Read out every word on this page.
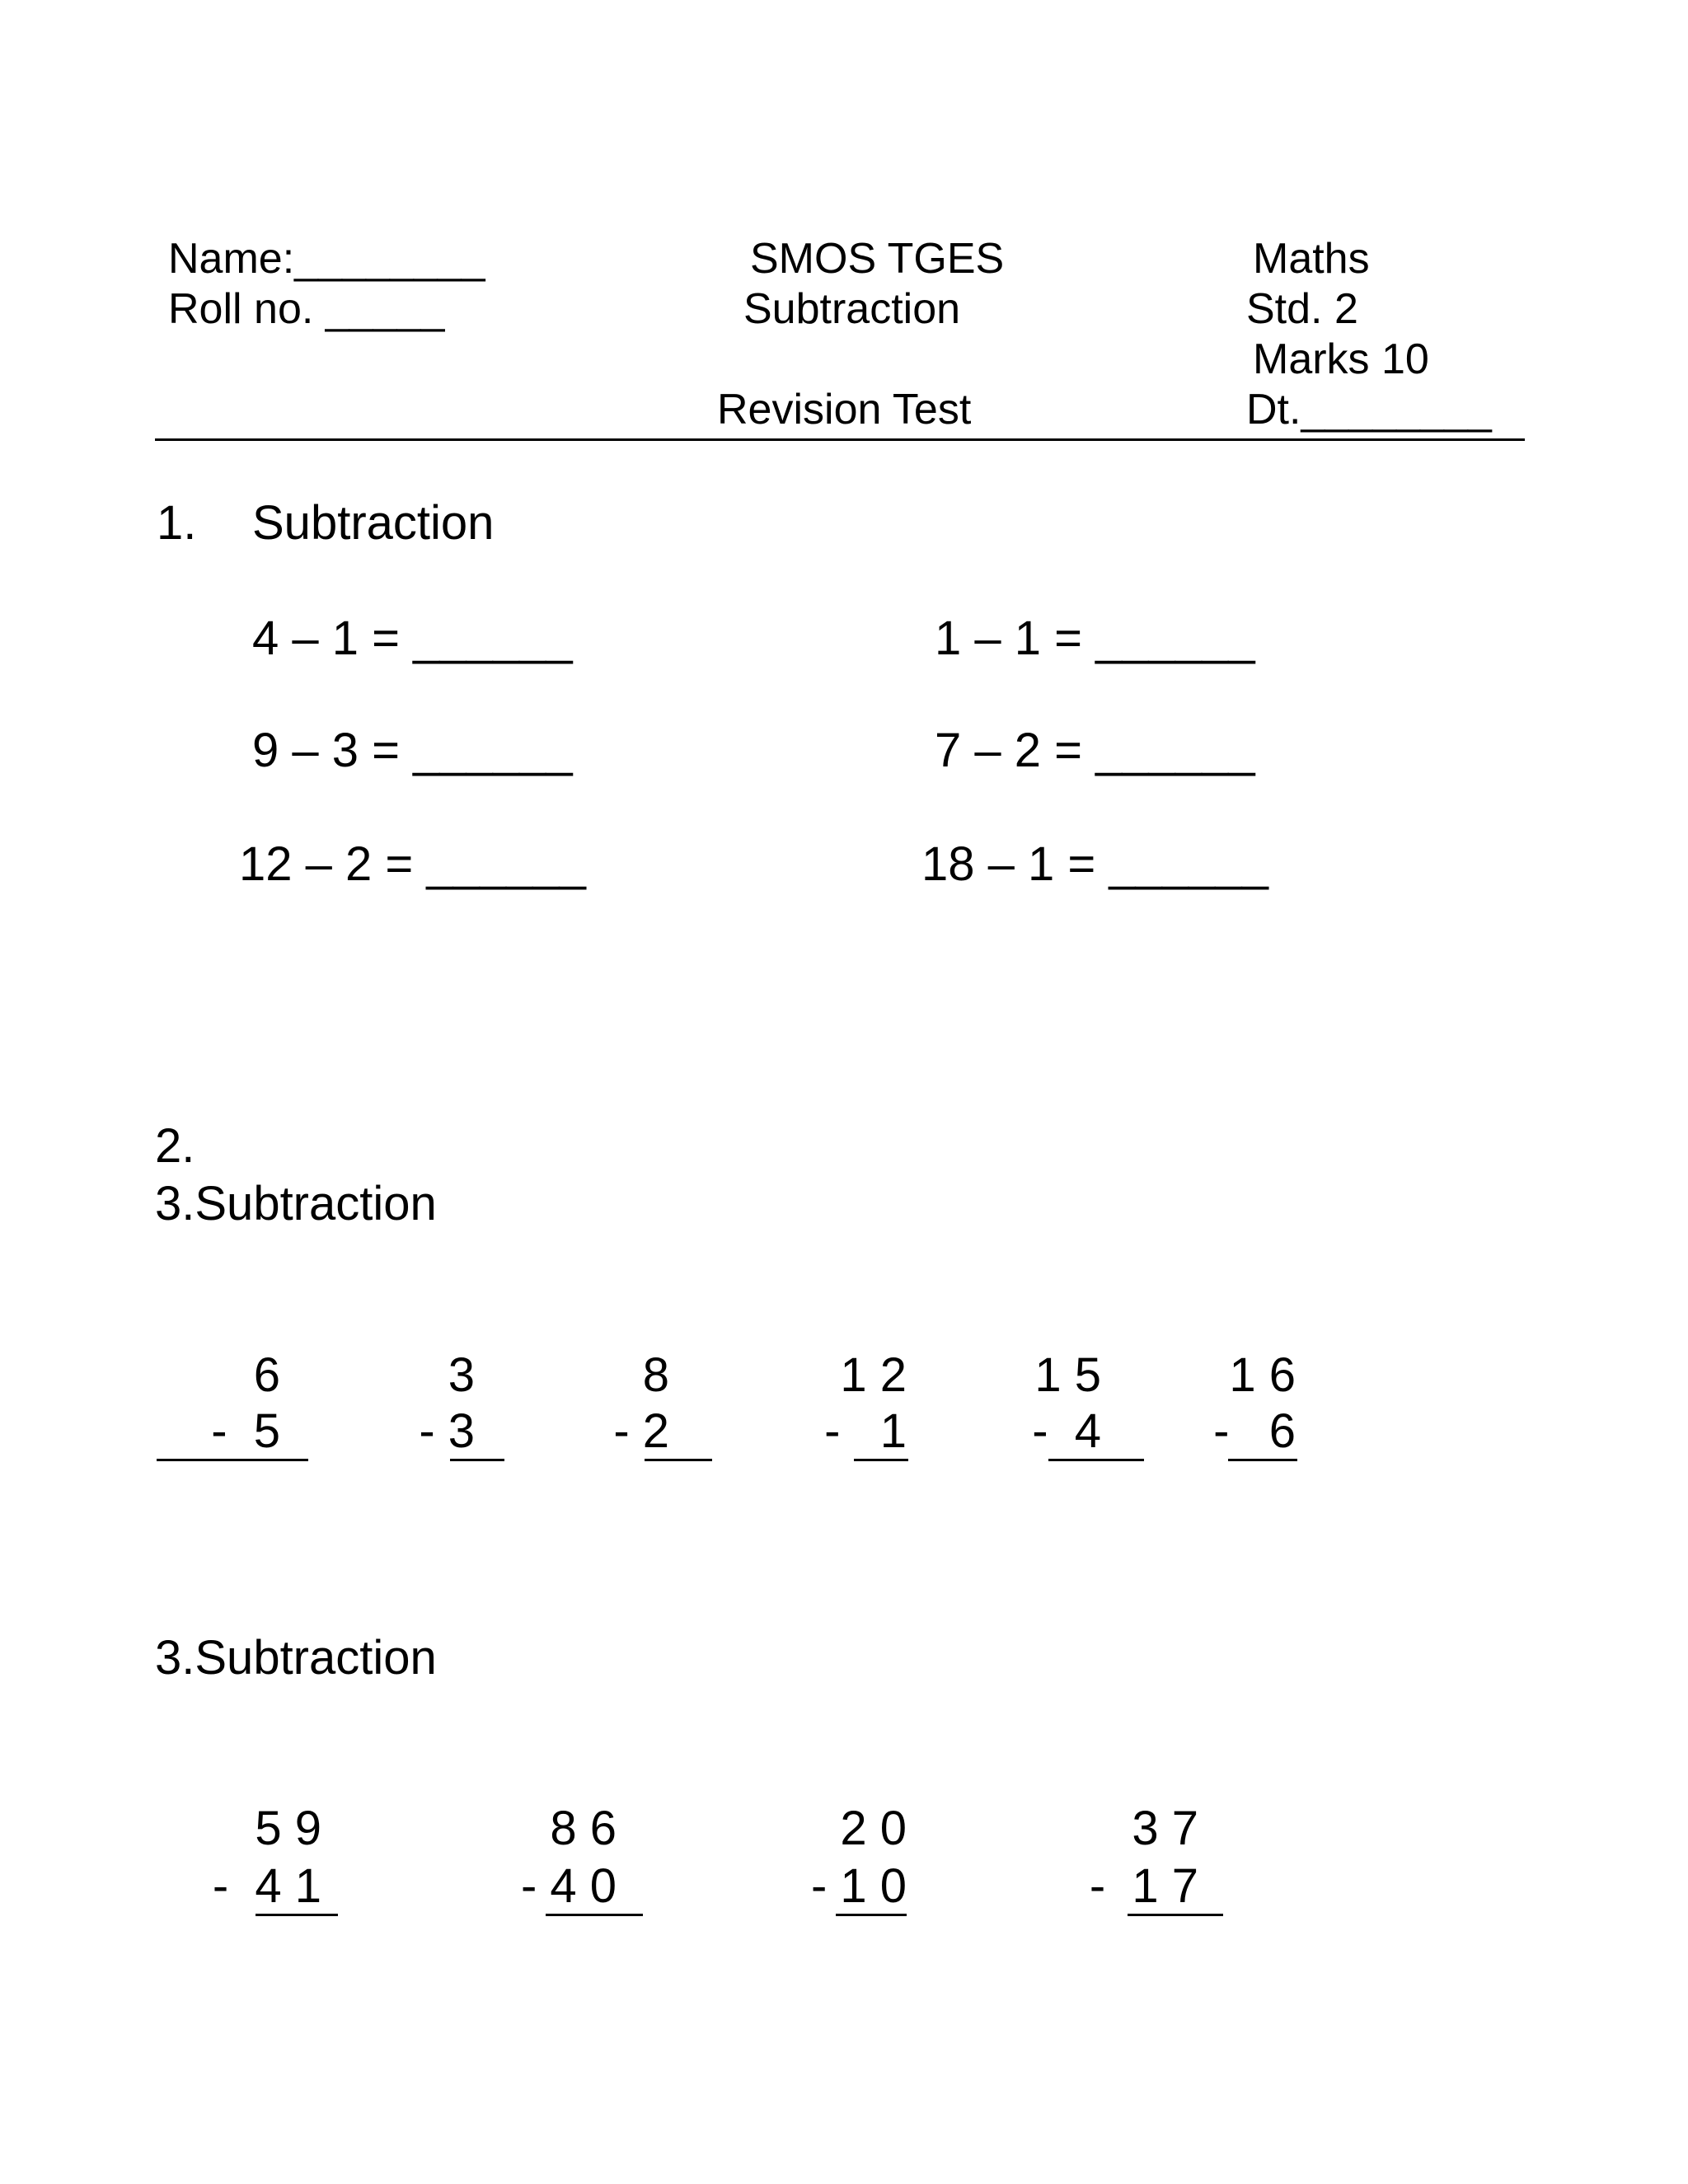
Name:________
Roll no. _____
SMOS TGES
Subtraction
Revision Test
Maths
Std. 2
Marks 10
Dt.________
1. Subtraction
4 – 1 = ______	1 – 1 = ______
9 – 3 = ______	7 – 2 = ______
12 – 2 = ______	18 – 1 = ______
2.
3.Subtraction
6
-  5
3
- 3
8
- 2
1 2
-   1
1 5
-  4
1 6
-   6
3.Subtraction
5 9
-  4 1
8 6
- 4 0
2 0
- 1 0
3 7
-  1 7
